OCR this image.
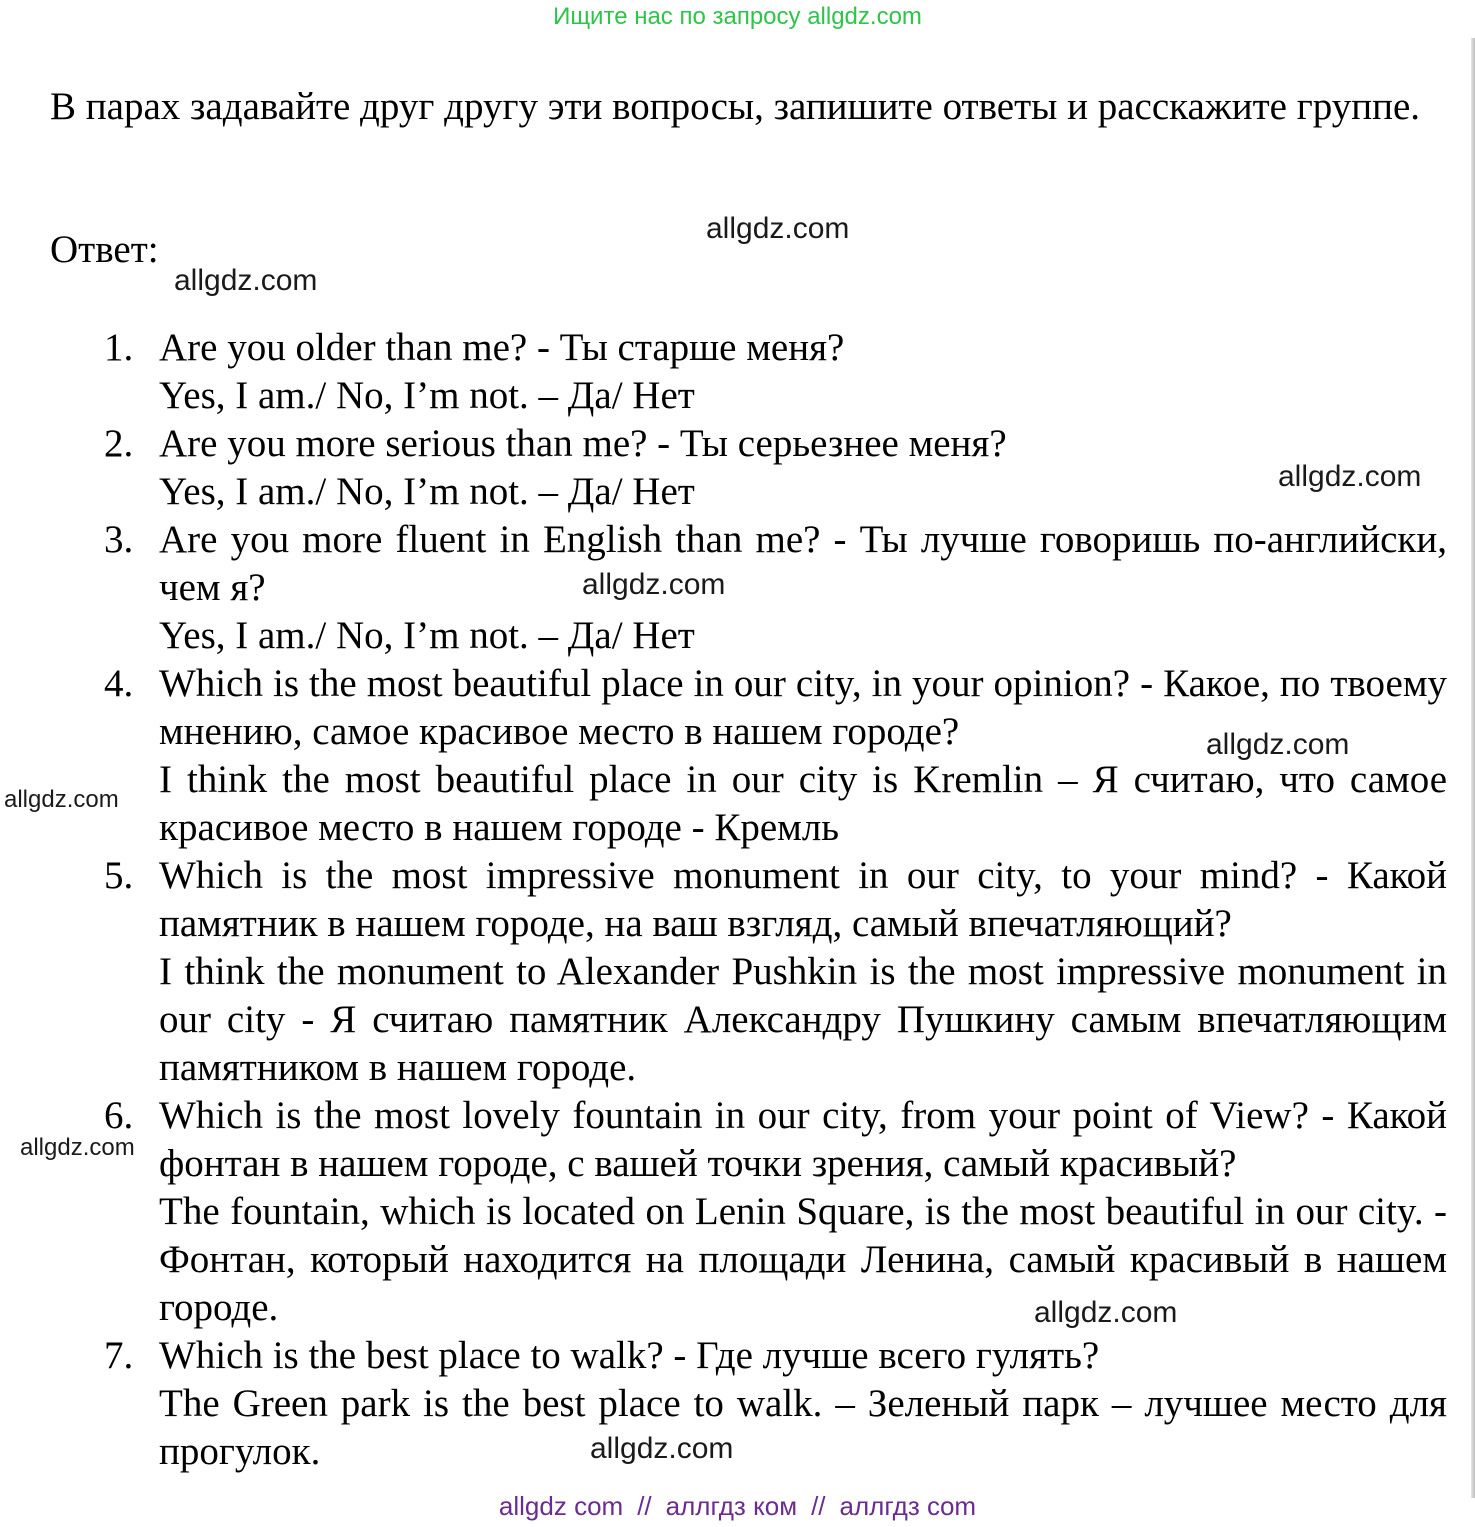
Ищите нас по запросу allgdz.com
В парах задавайте друг другу эти вопросы, запишите ответы и расскажите группе.
Ответ:
1. Are you older than me? - Ты старше меня?
Yes, I am./ No, I’m not. – Да/ Нет
2. Are you more serious than me? - Ты серьезнее меня?
Yes, I am./ No, I’m not. – Да/ Нет
3. Are you more fluent in English than me? - Ты лучше говоришь по-английски, чем я?
Yes, I am./ No, I’m not. – Да/ Нет
4. Which is the most beautiful place in our city, in your opinion? - Какое, по твоему мнению, самое красивое место в нашем городе?
I think the most beautiful place in our city is Kremlin – Я считаю, что самое красивое место в нашем городе - Кремль
5. Which is the most impressive monument in our city, to your mind? - Какой памятник в нашем городе, на ваш взгляд, самый впечатляющий?
I think the monument to Alexander Pushkin is the most impressive monument in our city - Я считаю памятник Александру Пушкину самым впечатляющим памятником в нашем городе.
6. Which is the most lovely fountain in our city, from your point of View? - Какой фонтан в нашем городе, с вашей точки зрения, самый красивый?
The fountain, which is located on Lenin Square, is the most beautiful in our city. - Фонтан, который находится на площади Ленина, самый красивый в нашем городе.
7. Which is the best place to walk? - Где лучше всего гулять?
The Green park is the best place to walk. – Зеленый парк – лучшее место для прогулок.
allgdz.com
allgdz.com
allgdz.com
allgdz.com
allgdz.com
allgdz.com
allgdz.com
allgdz.com
allgdz.com
allgdz com // аллгдз ком // аллгдз com
